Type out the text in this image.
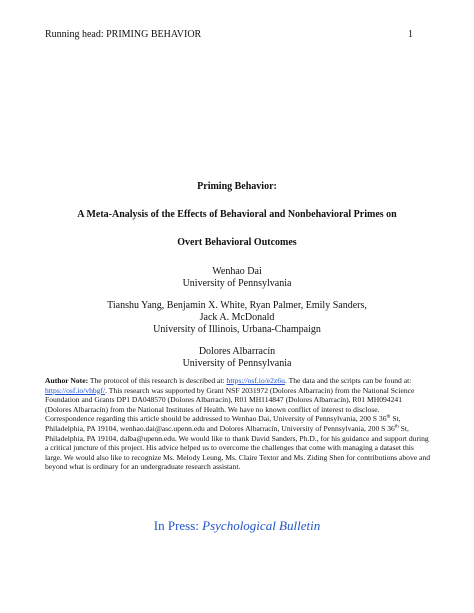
Running head: PRIMING BEHAVIOR	1
Priming Behavior:
A Meta-Analysis of the Effects of Behavioral and Nonbehavioral Primes on
Overt Behavioral Outcomes
Wenhao Dai
University of Pennsylvania
Tianshu Yang, Benjamin X. White, Ryan Palmer, Emily Sanders,
Jack A. McDonald
University of Illinois, Urbana-Champaign
Dolores Albarracín
University of Pennsylvania
Author Note: The protocol of this research is described at: https://osf.io/e2z6u. The data and the scripts can be found at: https://osf.io/vhbgf/. This research was supported by Grant NSF 2031972 (Dolores Albarracín) from the National Science Foundation and Grants DP1 DA048570 (Dolores Albarracín), R01 MH114847 (Dolores Albarracín), R01 MH094241 (Dolores Albarracín) from the National Institutes of Health. We have no known conflict of interest to disclose. Correspondence regarding this article should be addressed to Wenhao Dai, University of Pennsylvania, 200 S 36th St, Philadelphia, PA 19104, wenhao.dai@asc.upenn.edu and Dolores Albarracín, University of Pennsylvania, 200 S 36th St, Philadelphia, PA 19104, dalba@upenn.edu. We would like to thank David Sanders, Ph.D., for his guidance and support during a critical juncture of this project. His advice helped us to overcome the challenges that come with managing a dataset this large. We would also like to recognize Ms. Melody Leung, Ms. Claire Textor and Ms. Ziding Shen for contributions above and beyond what is ordinary for an undergraduate research assistant.
In Press: Psychological Bulletin
